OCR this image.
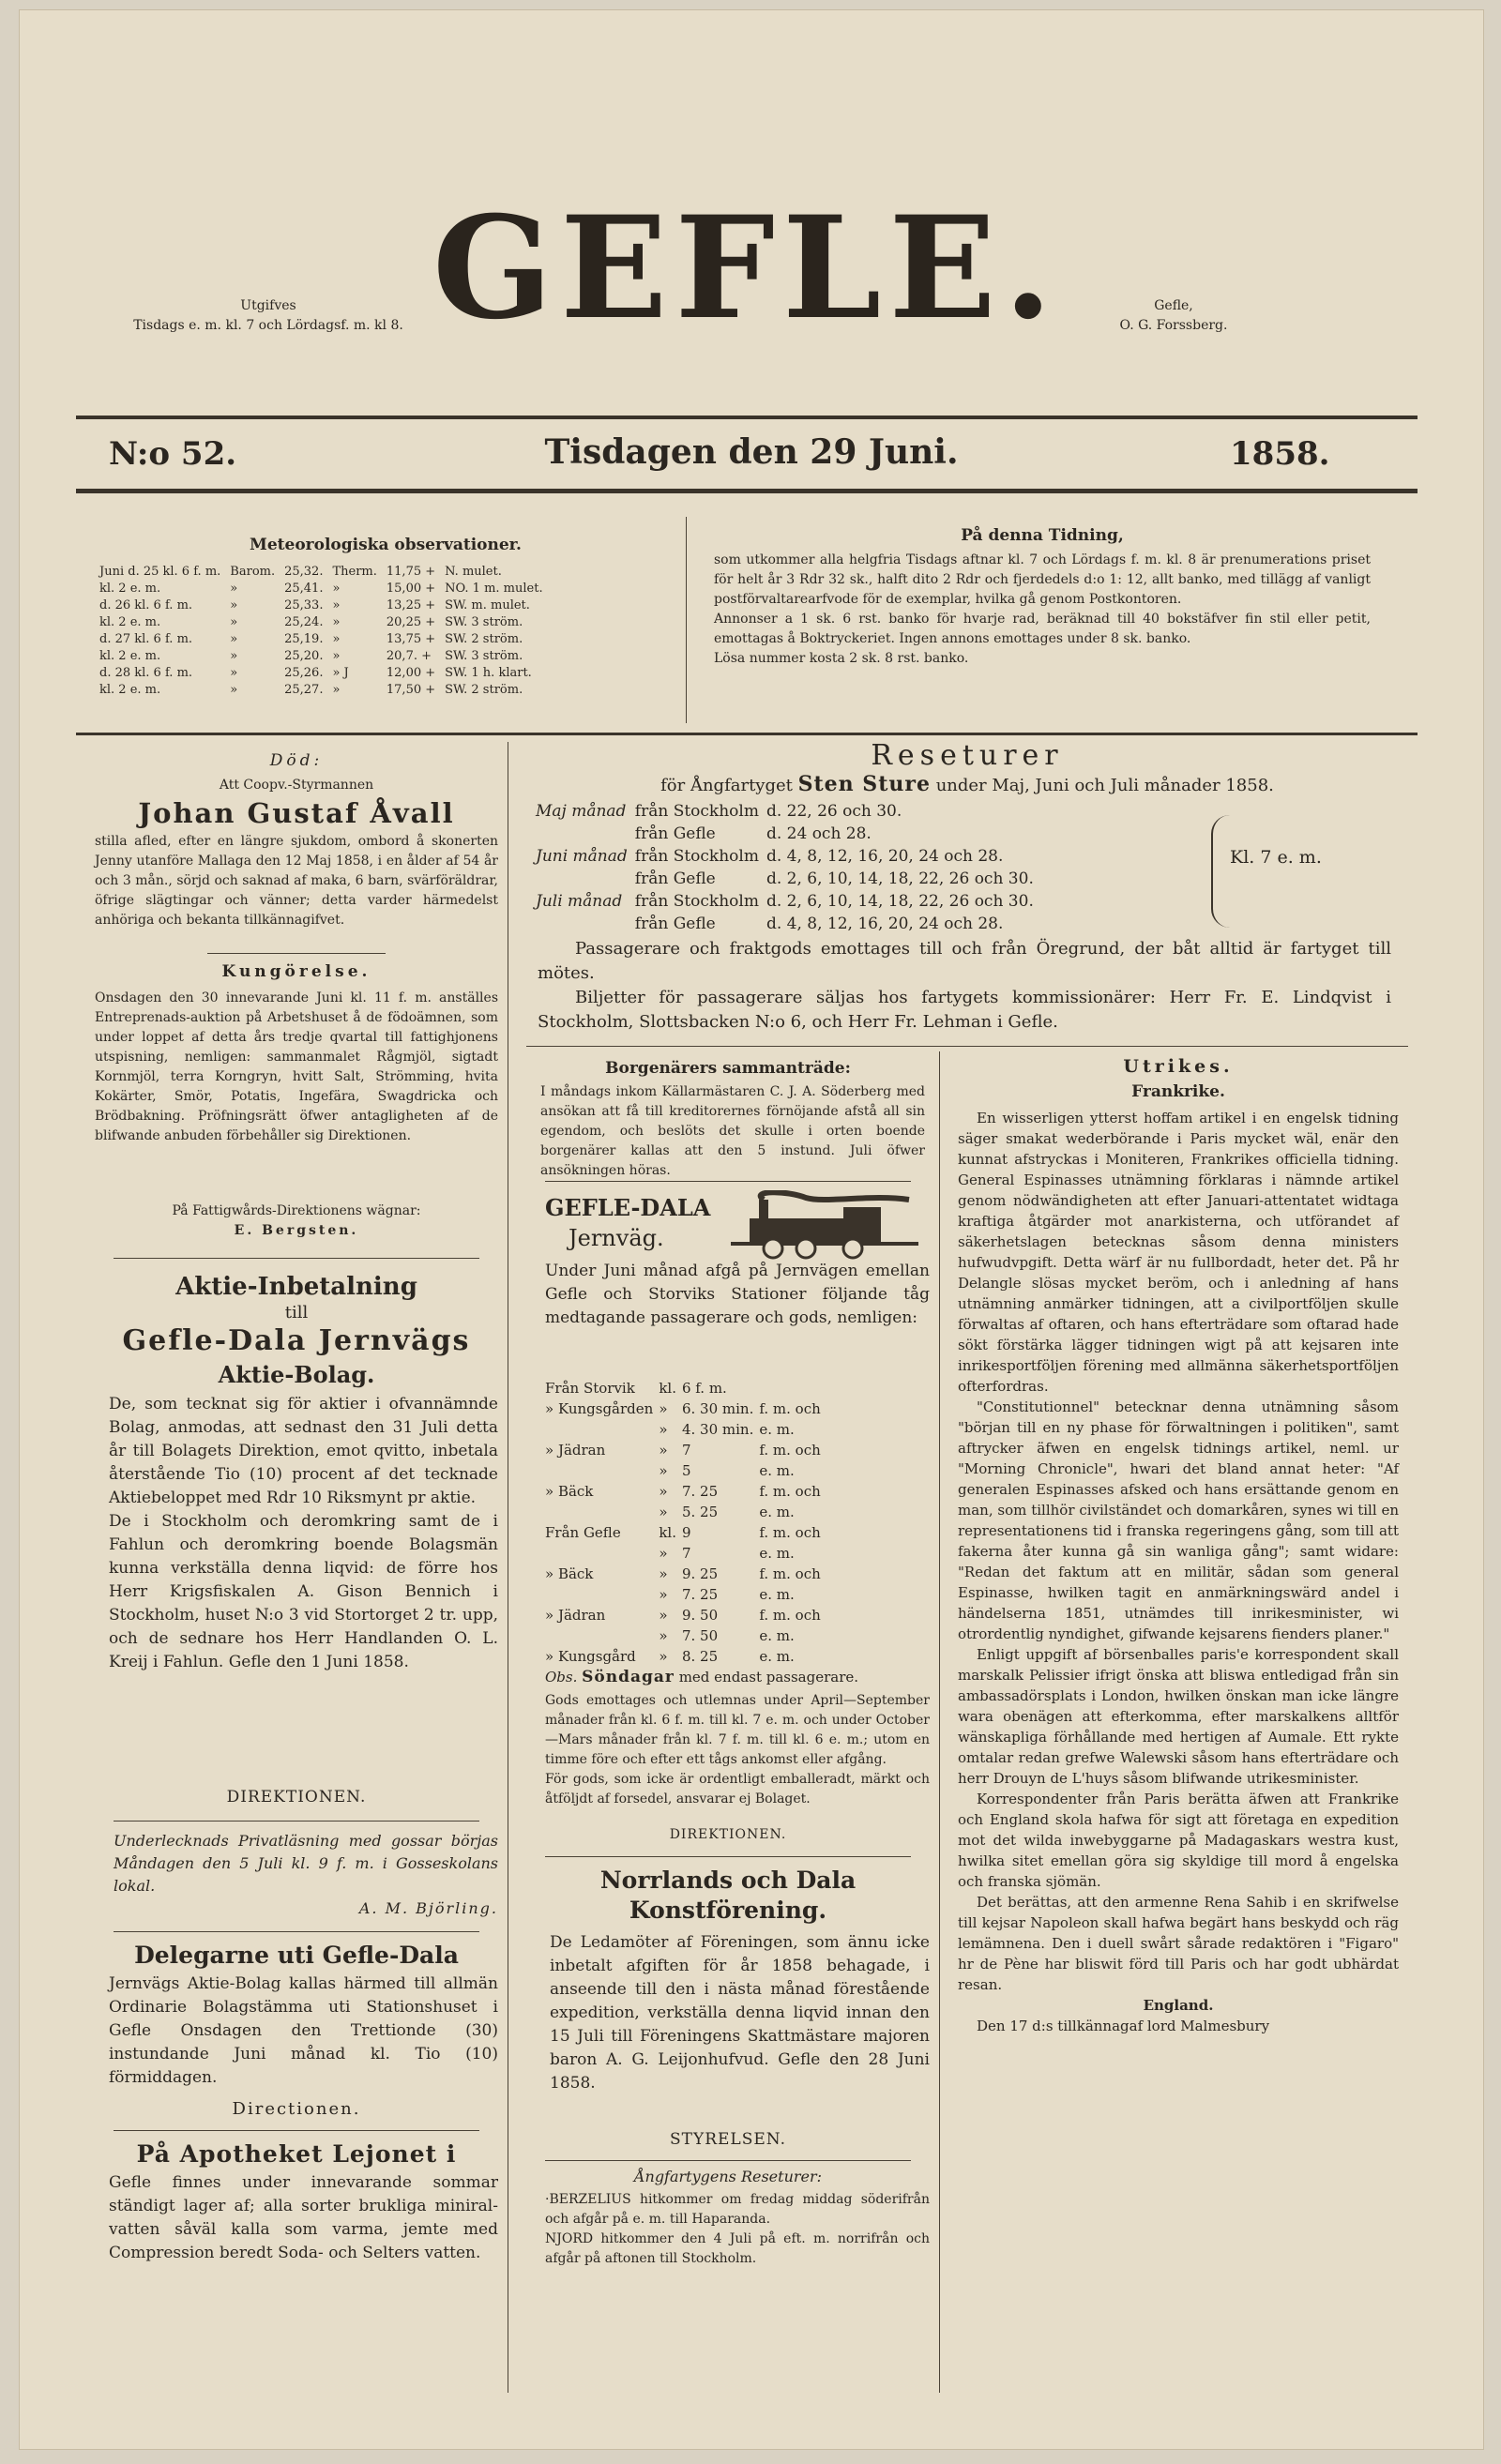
Utgifves
Tisdags e. m. kl. 7 och Lördagsf. m. kl 8. GEFLE.	Gefle,
O. G. Forssberg.
N:o 52.	Tisdagen den 29 Juni.	1858.
Meteorologiska observationer.
Juni d. 25 kl. 6 f. m.	Barom.	25,32.	Therm.	11,75 +	N. mulet.
kl. 2 e. m.	»	25,41.	»	15,00 +	NO. 1 m. mulet.
d. 26 kl. 6 f. m.	»	25,33.	»	13,25 +	SW. m. mulet.
kl. 2 e. m.	»	25,24.	»	20,25 +	SW. 3 ström.
d. 27 kl. 6 f. m.	»	25,19.	»	13,75 +	SW. 2 ström.
kl. 2 e. m.	»	25,20.	»	20,7. +	SW. 3 ström.
d. 28 kl. 6 f. m.	»	25,26.	» J	12,00 +	SW. 1 h. klart.
kl. 2 e. m.	»	25,27.	»	17,50 +	SW. 2 ström.
På denna Tidning,

som utkommer alla helgfria Tisdags aftnar kl. 7 och Lördags f. m. kl. 8 är prenumerations priset för helt år 3 Rdr 32 sk., halft dito 2 Rdr och fjerdedels d:o 1: 12, allt banko, med tillägg af vanligt postförvaltarearfvode för de exemplar, hvilka gå genom Postkontoren.

Annonser a 1 sk. 6 rst. banko för hvarje rad, beräknad till 40 bokstäfver fin stil eller petit, emottagas å Boktryckeriet. Ingen annons emottages under 8 sk. banko.

Lösa nummer kosta 2 sk. 8 rst. banko.

Död:
Att Coopv.-Styrmannen
Johan Gustaf Åvall
stilla afled, efter en längre sjukdom, ombord å skonerten Jenny utanföre Mallaga den 12 Maj 1858, i en ålder af 54 år och 3 mån., sörjd och saknad af maka, 6 barn, svärföräldrar, öfrige slägtingar och vänner; detta varder härmedelst anhöriga och bekanta tillkännagifvet.
Kungörelse.
Onsdagen den 30 innevarande Juni kl. 11 f. m. anställes Entreprenads-auktion på Arbetshuset å de födoämnen, som under loppet af detta års tredje qvartal till fattighjonens utspisning, nemligen: sammanmalet Rågmjöl, sigtadt Kornmjöl, terra Korngryn, hvitt Salt, Strömming, hvita Kokärter, Smör, Potatis, Ingefära, Swagdricka och Brödbakning. Pröfningsrätt öfwer antagligheten af de blifwande anbuden förbehåller sig Direktionen.
På Fattigwårds-Direktionens wägnar:
E. Bergsten.
Aktie-Inbetalning
till
Gefle-Dala Jernvägs
Aktie-Bolag.

De, som tecknat sig för aktier i ofvannämnde Bolag, anmodas, att sednast den 31 Juli detta år till Bolagets Direktion, emot qvitto, inbetala återstående Tio (10) procent af det tecknade Aktiebeloppet med Rdr 10 Riksmynt pr aktie.

De i Stockholm och deromkring samt de i Fahlun och deromkring boende Bolagsmän kunna verkställa denna liqvid: de förre hos Herr Krigsfiskalen A. Gison Bennich i Stockholm, huset N:o 3 vid Stortorget 2 tr. upp, och de sednare hos Herr Handlanden O. L. Kreij i Fahlun. Gefle den 1 Juni 1858.

DIREKTIONEN.

Underlecknads Privatläsning med gossar börjas Måndagen den 5 Juli kl. 9 f. m. i Gosseskolans lokal.

A. M. Björling.

Delegarne uti Gefle-Dala
Jernvägs Aktie-Bolag kallas härmed till allmän Ordinarie Bolagstämma uti Stationshuset i Gefle Onsdagen den Trettionde (30) instundande Juni månad kl. Tio (10) förmiddagen.
Directionen.
På Apotheket Lejonet i
Gefle finnes under innevarande sommar ständigt lager af; alla sorter brukliga miniral-vatten såväl kalla som varma, jemte med Compression beredt Soda- och Selters vatten.
Reseturer
för Ångfartyget Sten Sture under Maj, Juni och Juli månader 1858.
Maj månad	från Stockholm	d. 22, 26 och 30.
	från Gefle	d. 24 och 28.
Juni månad	från Stockholm	d. 4, 8, 12, 16, 20, 24 och 28.
	från Gefle	d. 2, 6, 10, 14, 18, 22, 26 och 30.
Juli månad	från Stockholm	d. 2, 6, 10, 14, 18, 22, 26 och 30.
	från Gefle	d. 4, 8, 12, 16, 20, 24 och 28.
Kl. 7 e. m.

Passagerare och fraktgods emottages till och från Öregrund, der båt alltid är fartyget till mötes.

Biljetter för passagerare säljas hos fartygets kommissionärer: Herr Fr. E. Lindqvist i Stockholm, Slottsbacken N:o 6, och Herr Fr. Lehman i Gefle.

Borgenärers sammanträde:
I måndags inkom Källarmästaren C. J. A. Söderberg med ansökan att få till kreditorernes förnöjande afstå all sin egendom, och beslöts det skulle i orten boende borgenärer kallas att den 5 instund. Juli öfwer ansökningen höras.
GEFLE-DALA
Jernväg.
Under Juni månad afgå på Jernvägen emellan Gefle och Storviks Stationer följande tåg medtagande passagerare och gods, nemligen:
Från Storvik	kl.	6 f. m.	
» Kungsgården	»	6. 30 min.	f. m. och
	»	4. 30 min.	e. m.
» Jädran	»	7	f. m. och
	»	5	e. m.
» Bäck	»	7. 25	f. m. och
	»	5. 25	e. m.
Från Gefle	kl.	9	f. m. och
	»	7	e. m.
» Bäck	»	9. 25	f. m. och
	»	7. 25	e. m.
» Jädran	»	9. 50	f. m. och
	»	7. 50	e. m.
» Kungsgård	»	8. 25	e. m.
Obs. Söndagar med endast passagerare.

Gods emottages och utlemnas under April—September månader från kl. 6 f. m. till kl. 7 e. m. och under October—Mars månader från kl. 7 f. m. till kl. 6 e. m.; utom en timme före och efter ett tågs ankomst eller afgång.

För gods, som icke är ordentligt emballeradt, märkt och åtföljdt af forsedel, ansvarar ej Bolaget.

DIREKTIONEN.
Norrlands och Dala Konstförening.
De Ledamöter af Föreningen, som ännu icke inbetalt afgiften för år 1858 behagade, i anseende till den i nästa månad förestående expedition, verkställa denna liqvid innan den 15 Juli till Föreningens Skattmästare majoren baron A. G. Leijonhufvud. Gefle den 28 Juni 1858.
STYRELSEN.
Ångfartygens Reseturer:

·BERZELIUS hitkommer om fredag middag söderifrån och afgår på e. m. till Haparanda.

NJORD hitkommer den 4 Juli på eft. m. norrifrån och afgår på aftonen till Stockholm.

Utrikes.
Frankrike.

En wisserligen ytterst hoffam artikel i en engelsk tidning säger smakat wederbörande i Paris mycket wäl, enär den kunnat afstryckas i Moniteren, Frankrikes officiella tidning. General Espinasses utnämning förklaras i nämnde artikel genom nödwändigheten att efter Januari-attentatet widtaga kraftiga åtgärder mot anarkisterna, och utförandet af säkerhetslagen betecknas såsom denna ministers hufwudvpgift. Detta wärf är nu fullbordadt, heter det. På hr Delangle slösas mycket beröm, och i anledning af hans utnämning anmärker tidningen, att a civilportföljen skulle förwaltas af oftaren, och hans efterträdare som oftarad hade sökt förstärka lägger tidningen wigt på att kejsaren inte inrikesportföljen förening med allmänna säkerhetsportföljen ofterfordras.

"Constitutionnel" betecknar denna utnämning såsom "början till en ny phase för förwaltningen i politiken", samt aftrycker äfwen en engelsk tidnings artikel, neml. ur "Morning Chronicle", hwari det bland annat heter: "Af generalen Espinasses afsked och hans ersättande genom en man, som tillhör civilständet och domarkåren, synes wi till en representationens tid i franska regeringens gång, som till att fakerna åter kunna gå sin wanliga gång"; samt widare: "Redan det faktum att en militär, sådan som general Espinasse, hwilken tagit en anmärkningswärd andel i händelserna 1851, utnämdes till inrikesminister, wi otrordentlig nyndighet, gifwande kejsarens fienders planer."

Enligt uppgift af börsenballes paris'e korrespondent skall marskalk Pelissier ifrigt önska att bliswa entledigad från sin ambassadörsplats i London, hwilken önskan man icke längre wara obenägen att efterkomma, efter marskalkens alltför wänskapliga förhållande med hertigen af Aumale. Ett rykte omtalar redan grefwe Walewski såsom hans efterträdare och herr Drouyn de L'huys såsom blifwande utrikesminister.

Korrespondenter från Paris berätta äfwen att Frankrike och England skola hafwa för sigt att företaga en expedition mot det wilda inwebyggarne på Madagaskars westra kust, hwilka sitet emellan göra sig skyldige till mord å engelska och franska sjömän.

Det berättas, att den armenne Rena Sahib i en skrifwelse till kejsar Napoleon skall hafwa begärt hans beskydd och räg lemämnena. Den i duell swårt sårade redaktören i "Figaro" hr de Pène har bliswit förd till Paris och har godt ubhärdat resan.

England.

Den 17 d:s tillkännagaf lord Malmesbury
